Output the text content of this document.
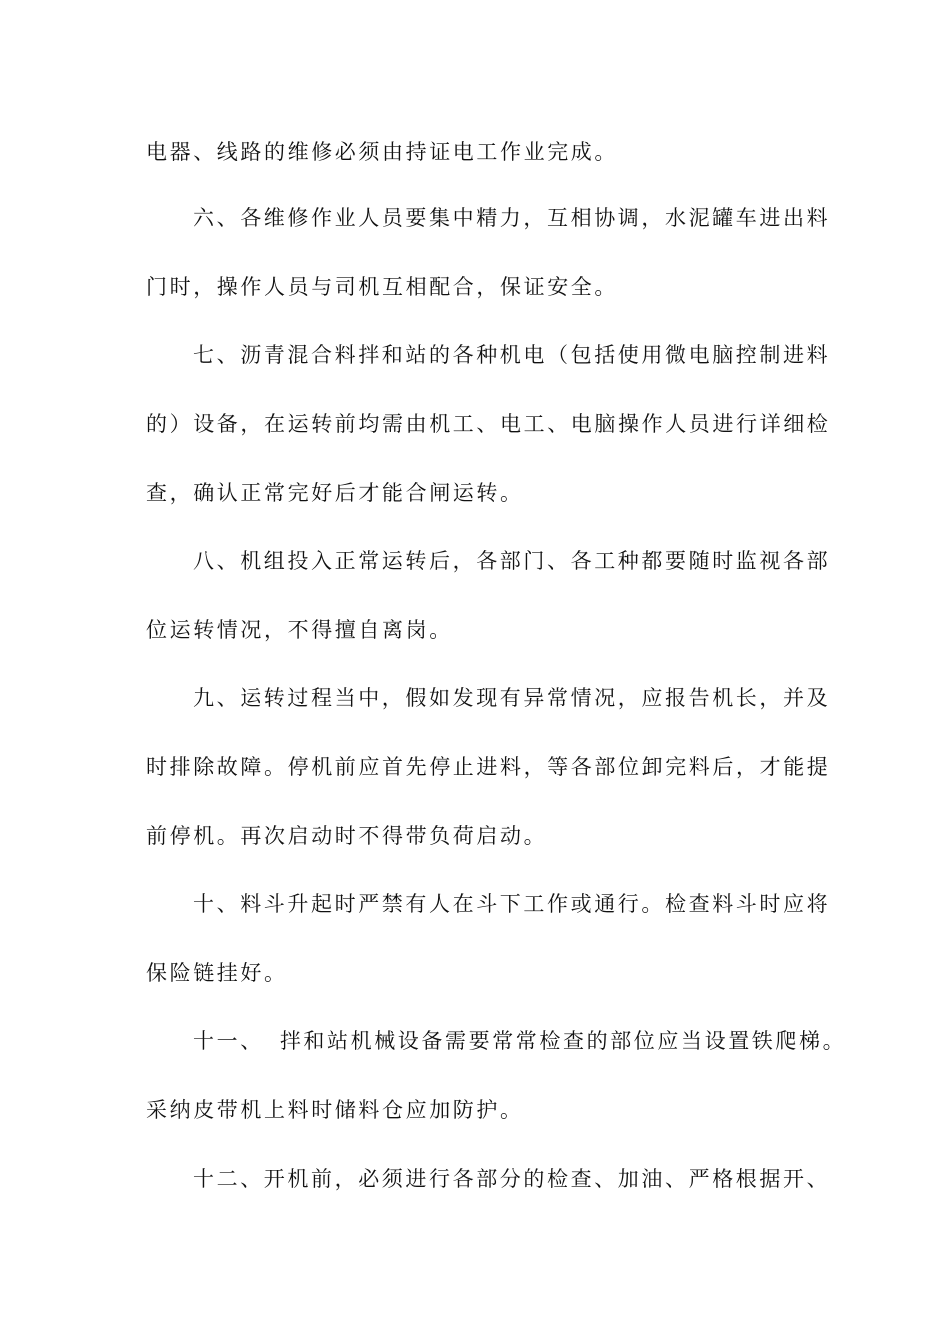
电器、线路的维修必须由持证电工作业完成。
六、各维修作业人员要集中精力，互相协调，水泥罐车进出料
门时，操作人员与司机互相配合，保证安全。
七、沥青混合料拌和站的各种机电（包括使用微电脑控制进料
的）设备，在运转前均需由机工、电工、电脑操作人员进行详细检
查，确认正常完好后才能合闸运转。
八、机组投入正常运转后，各部门、各工种都要随时监视各部
位运转情况，不得擅自离岗。
九、运转过程当中，假如发现有异常情况，应报告机长，并及
时排除故障。停机前应首先停止进料，等各部位卸完料后，才能提
前停机。再次启动时不得带负荷启动。
十、料斗升起时严禁有人在斗下工作或通行。检查料斗时应将
保险链挂好。
十一、 拌和站机械设备需要常常检查的部位应当设置铁爬梯。
采纳皮带机上料时储料仓应加防护。
十二、开机前，必须进行各部分的检查、加油、严格根据开、
